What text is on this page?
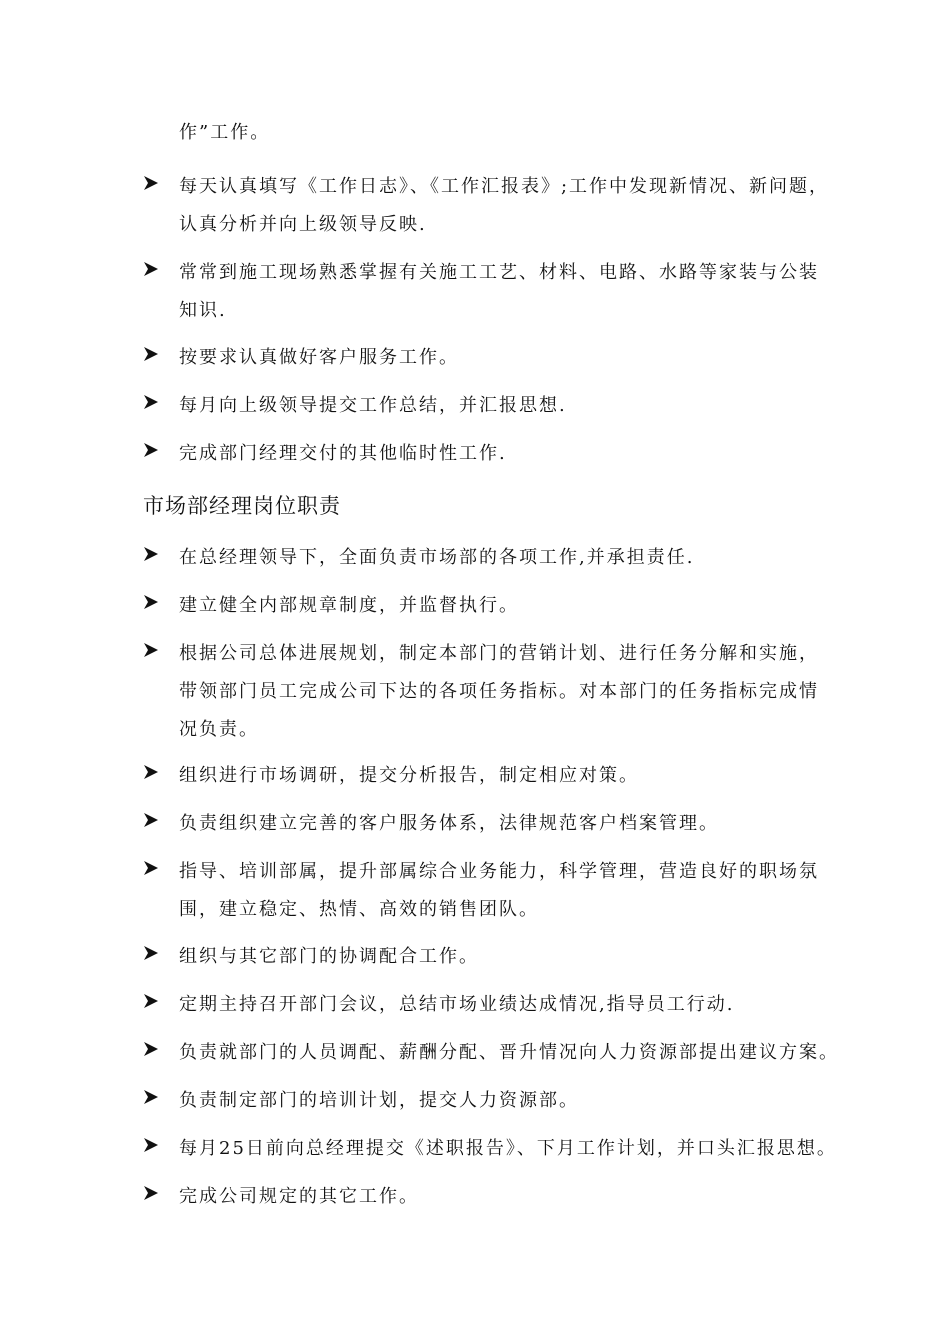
作”工作。
每天认真填写《工作日志》、《工作汇报表》;工作中发现新情况、新问题，
认真分析并向上级领导反映.
常常到施工现场熟悉掌握有关施工工艺、材料、电路、水路等家装与公装
知识.
按要求认真做好客户服务工作。
每月向上级领导提交工作总结，并汇报思想.
完成部门经理交付的其他临时性工作.
市场部经理岗位职责
在总经理领导下，全面负责市场部的各项工作,并承担责任.
建立健全内部规章制度，并监督执行。
根据公司总体进展规划，制定本部门的营销计划、进行任务分解和实施，
带领部门员工完成公司下达的各项任务指标。对本部门的任务指标完成情
况负责。
组织进行市场调研，提交分析报告，制定相应对策。
负责组织建立完善的客户服务体系，法律规范客户档案管理。
指导、培训部属，提升部属综合业务能力，科学管理，营造良好的职场氛
围，建立稳定、热情、高效的销售团队。
组织与其它部门的协调配合工作。
定期主持召开部门会议，总结市场业绩达成情况,指导员工行动.
负责就部门的人员调配、薪酬分配、晋升情况向人力资源部提出建议方案。
负责制定部门的培训计划，提交人力资源部。
每月25日前向总经理提交《述职报告》、下月工作计划，并口头汇报思想。
完成公司规定的其它工作。
